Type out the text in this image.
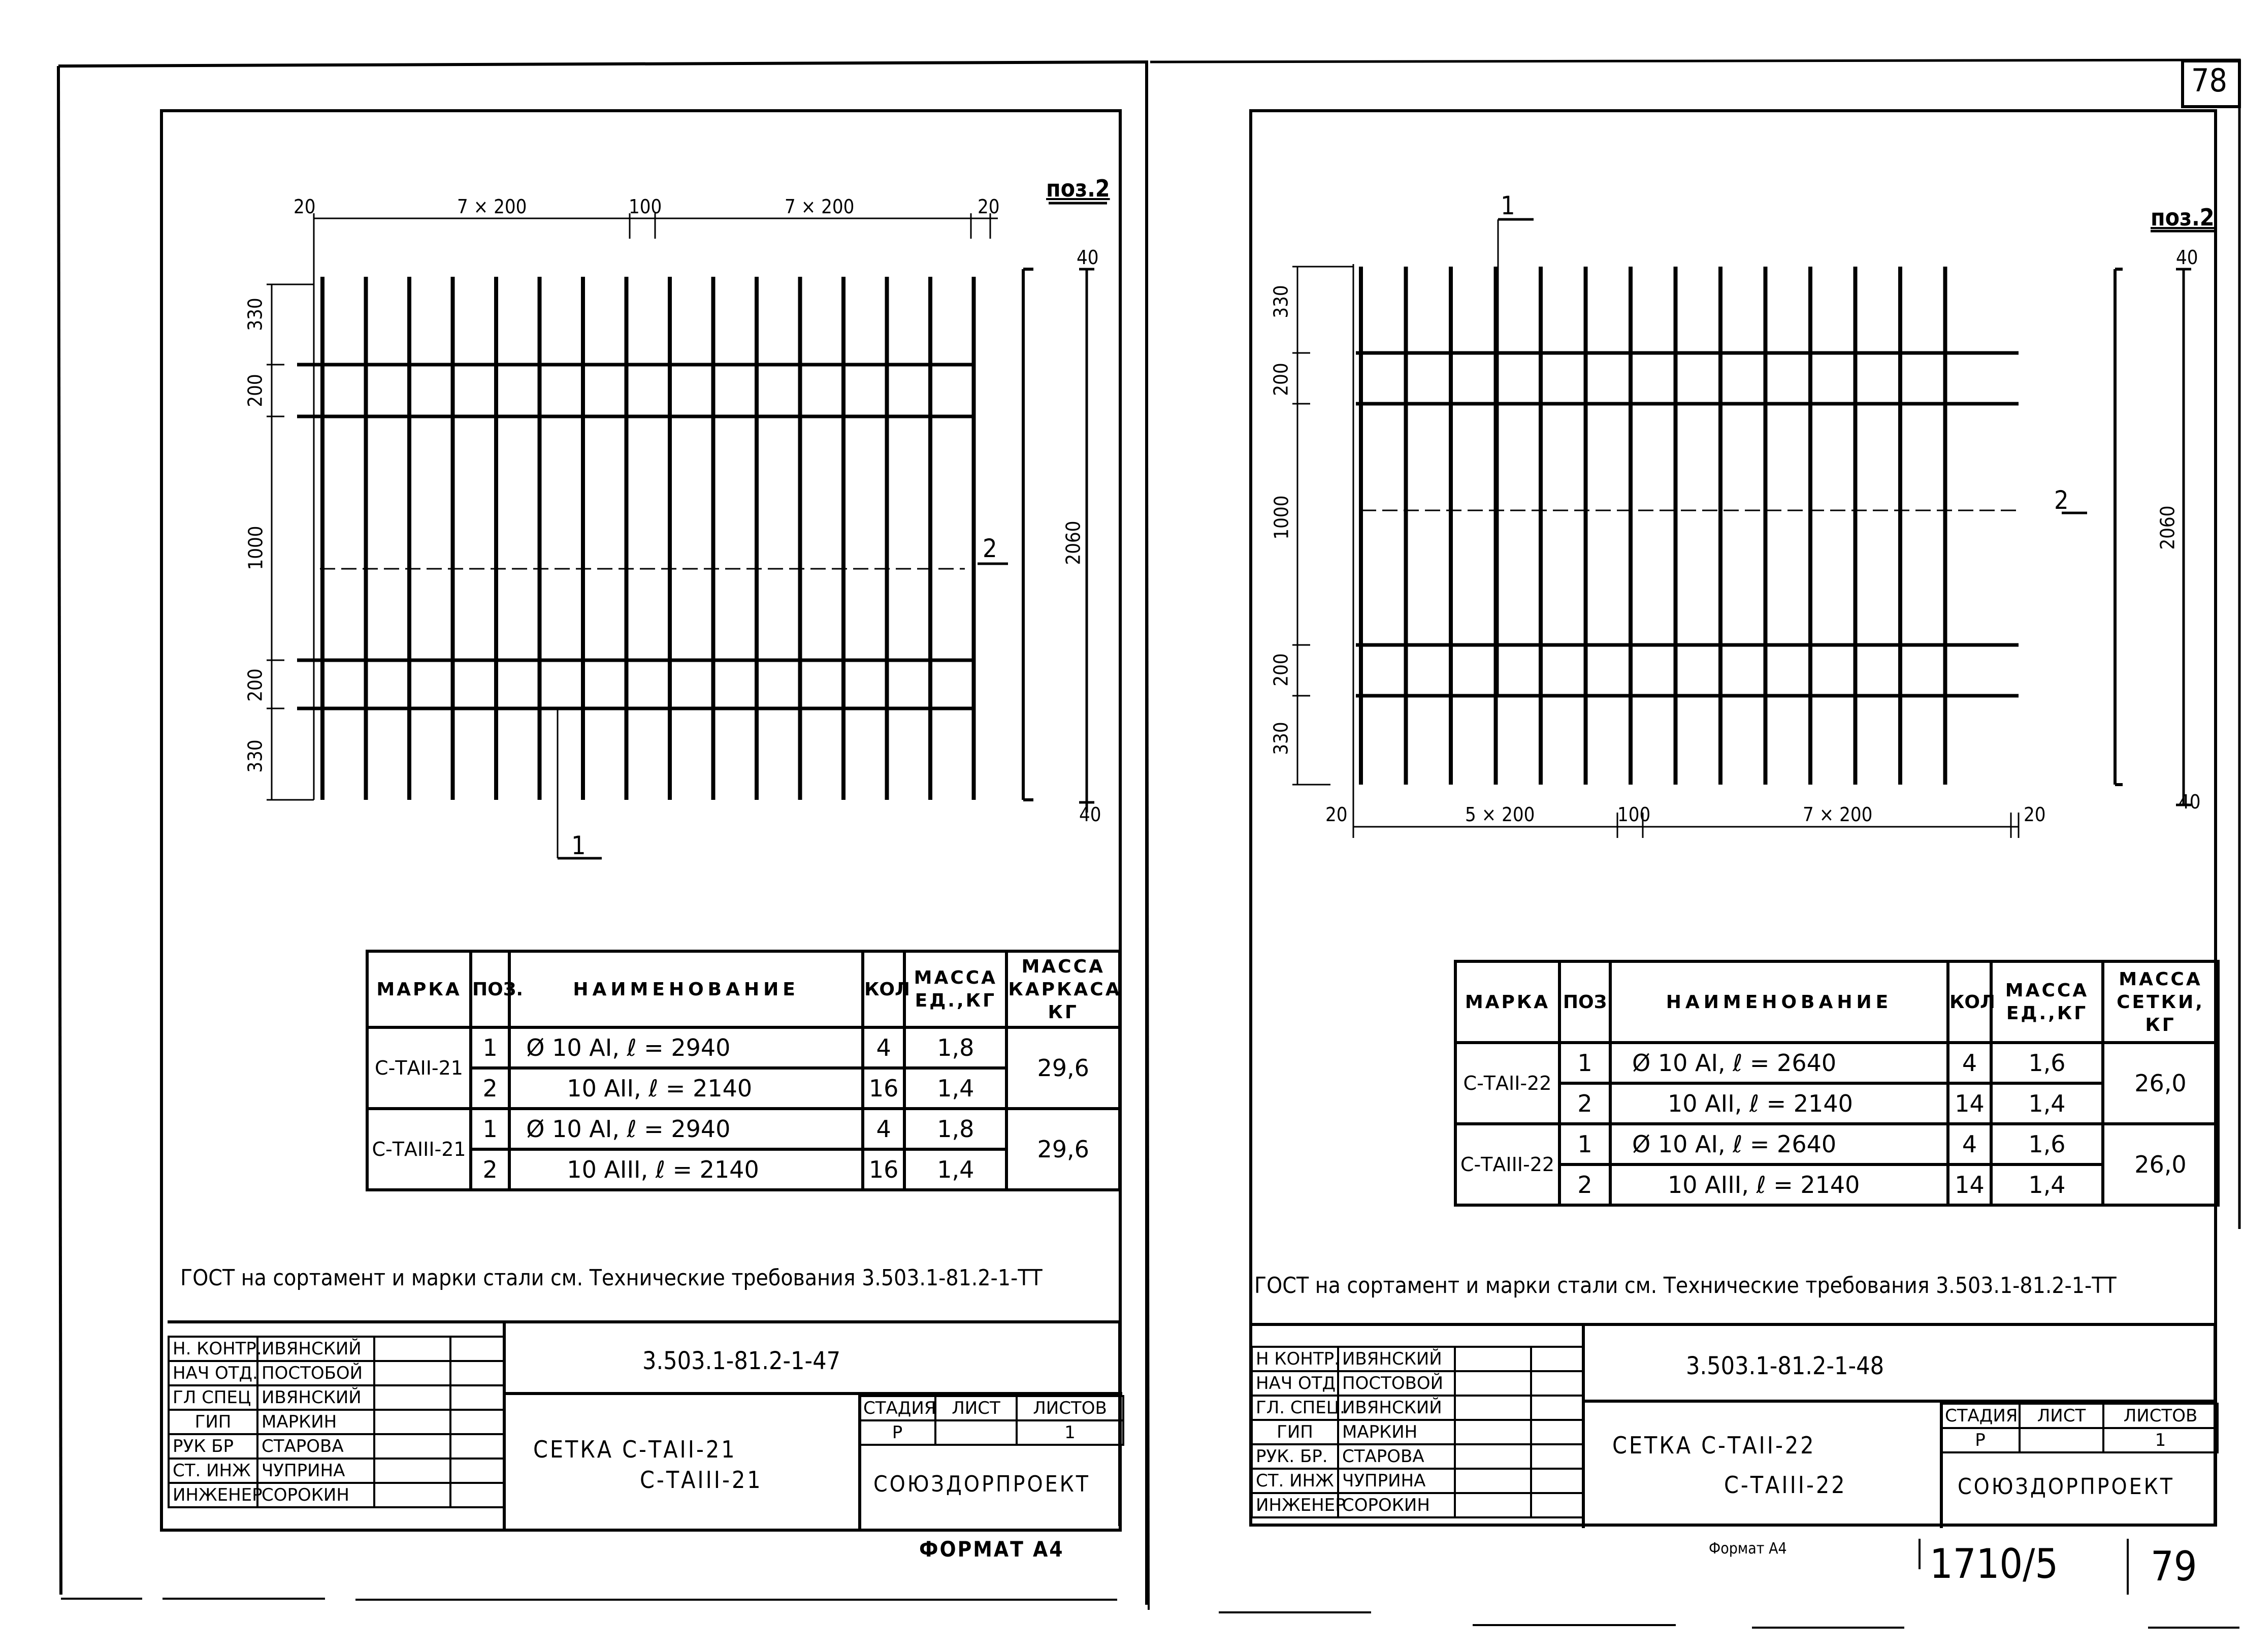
20	7 × 200	100	7 × 200	20
поз.2
330
200
1000
200
330
40
2060
40
1
2
МАРКА	ПОЗ.	НАИМЕНОВАНИЕ	КОЛ	МАССА ЕД.,КГ	МАССА КАРКАСА КГ
С-ТАII-21	1	Ø 10 АI, ℓ = 2940	4	1,8	29,6
	2	10 АII, ℓ = 2140	16	1,4	
С-ТАIII-21	1	Ø 10 АI, ℓ = 2940	4	1,8	29,6
	2	10 АIII, ℓ = 2140	16	1,4	
ГОСТ на сортамент и марки стали см. Технические требования 3.503.1-81.2-1-ТТ
3.503.1-81.2-1-47
СЕТКА С-ТАII-21
С-ТАIII-21
СТАДИЯ	ЛИСТ	ЛИСТОВ
Р		1
СОЮЗДОРПРОЕКТ
Н. КОНТР.	ИВЯНСКИЙ		
НАЧ ОТД.	ПОСТОБОЙ		
ГЛ СПЕЦ	ИВЯНСКИЙ		
ГИП	МАРКИН		
РУК БР	СТАРОВА		
СТ. ИНЖ	ЧУПРИНА		
ИНЖЕНЕР	СОРОКИН		
ФОРМАТ А4
78
поз.2
1
2
330
200
1000
200
330
20	5 × 200	100	7 × 200	20
40
2060
40
МАРКА	ПОЗ	НАИМЕНОВАНИЕ	КОЛ	МАССА ЕД.,КГ	МАССА СЕТКИ, КГ
С-ТАII-22	1	Ø 10 АI, ℓ = 2640	4	1,6	26,0
	2	10 АII, ℓ = 2140	14	1,4	
С-ТАIII-22	1	Ø 10 АI, ℓ = 2640	4	1,6	26,0
	2	10 АIII, ℓ = 2140	14	1,4	
ГОСТ на сортамент и марки стали см. Технические требования 3.503.1-81.2-1-ТТ
3.503.1-81.2-1-48
СЕТКА С-ТАII-22
С-ТАIII-22
СТАДИЯ	ЛИСТ	ЛИСТОВ
Р		1
СОЮЗДОРПРОЕКТ
Н КОНТР.	ИВЯНСКИЙ		
НАЧ ОТД	ПОСТОВОЙ		
ГЛ. СПЕЦ.	ИВЯНСКИЙ		
ГИП	МАРКИН		
РУК. БР.	СТАРОВА		
СТ. ИНЖ	ЧУПРИНА		
ИНЖЕНЕР	СОРОКИН		
Формат А4	1710/5 79
